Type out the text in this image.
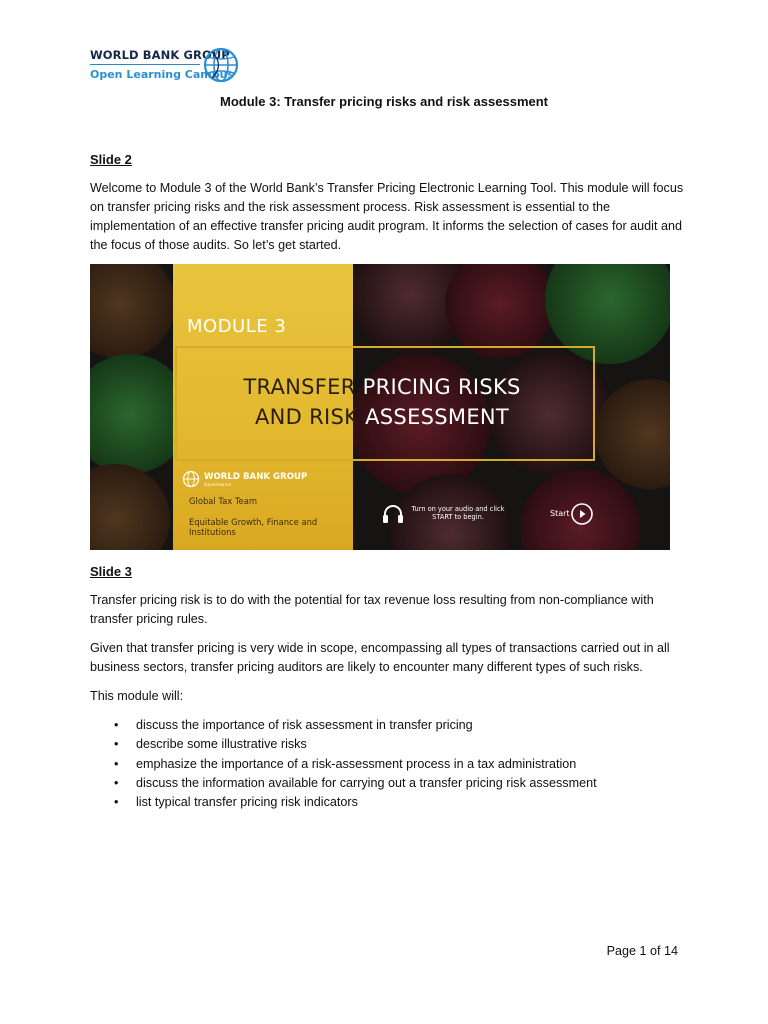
WORLD BANK GROUP
Open Learning Campus
Module 3: Transfer pricing risks and risk assessment
Slide 2
Welcome to Module 3 of the World Bank’s Transfer Pricing Electronic Learning Tool. This module will focus on transfer pricing risks and the risk assessment process. Risk assessment is essential to the implementation of an effective transfer pricing audit program. It informs the selection of cases for audit and the focus of those audits. So let’s get started.
MODULE 3
TRANSFER PRICING RISKS
AND RISK ASSESSMENT
WORLD BANK GROUP
Governance
Global Tax Team
Equitable Growth, Finance and
Institutions
Turn on your audio and click START to begin.	Start
Slide 3
Transfer pricing risk is to do with the potential for tax revenue loss resulting from non-compliance with transfer pricing rules.
Given that transfer pricing is very wide in scope, encompassing all types of transactions carried out in all business sectors, transfer pricing auditors are likely to encounter many different types of such risks.
This module will:
• discuss the importance of risk assessment in transfer pricing
• describe some illustrative risks
• emphasize the importance of a risk-assessment process in a tax administration
• discuss the information available for carrying out a transfer pricing risk assessment
• list typical transfer pricing risk indicators
Page 1 of 14
